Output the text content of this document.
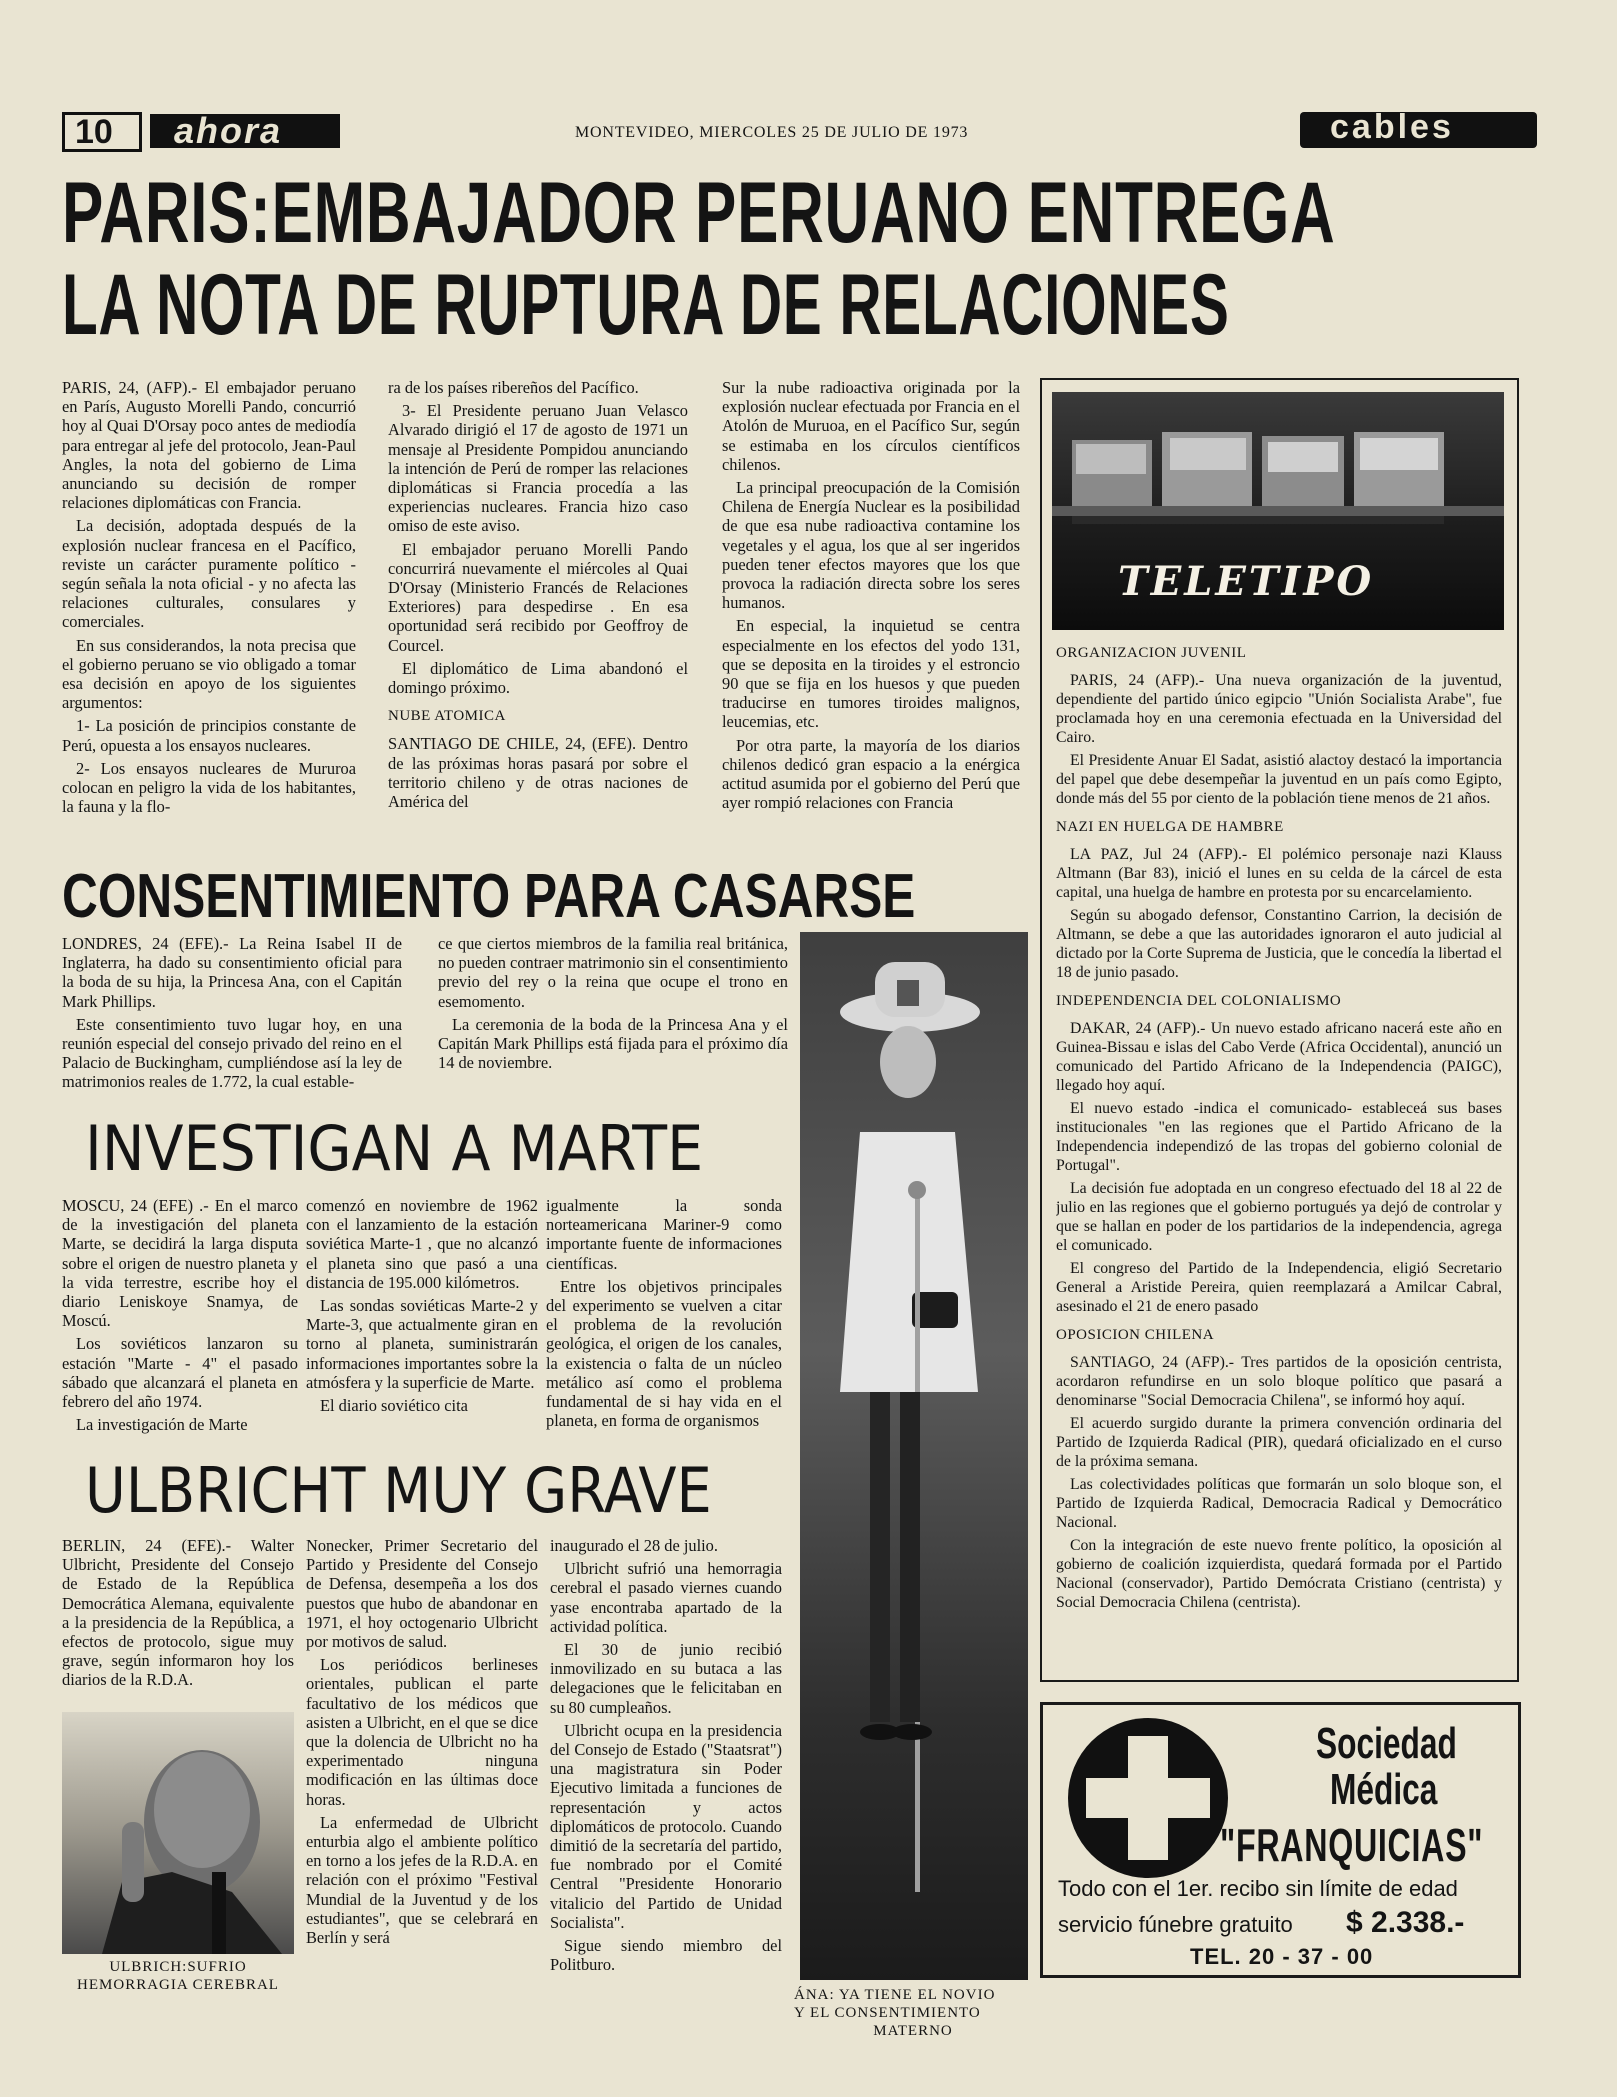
10 ahora	MONTEVIDEO, MIERCOLES 25 DE JULIO DE 1973	cables
PARIS:EMBAJADOR PERUANO ENTREGA
LA NOTA DE RUPTURA DE RELACIONES

PARIS, 24, (AFP).- El embajador peruano en París, Augusto Morelli Pando, concurrió hoy al Quai D'Orsay poco antes de mediodía para entregar al jefe del protocolo, Jean-Paul Angles, la nota del gobierno de Lima anunciando su decisión de romper relaciones diplomáticas con Francia.

La decisión, adoptada después de la explosión nuclear francesa en el Pacífico, reviste un carácter puramente político -según señala la nota oficial - y no afecta las relaciones culturales, consulares y comerciales.

En sus considerandos, la nota precisa que el gobierno peruano se vio obligado a tomar esa decisión en apoyo de los siguientes argumentos:

1- La posición de principios constante de Perú, opuesta a los ensayos nucleares.

2- Los ensayos nucleares de Mururoa colocan en peligro la vida de los habitantes, la fauna y la flo-

ra de los países ribereños del Pacífico.

3- El Presidente peruano Juan Velasco Alvarado dirigió el 17 de agosto de 1971 un mensaje al Presidente Pompidou anunciando la intención de Perú de romper las relaciones diplomáticas si Francia procedía a las experiencias nucleares. Francia hizo caso omiso de este aviso.

El embajador peruano Morelli Pando concurrirá nuevamente el miércoles al Quai D'Orsay (Ministerio Francés de Relaciones Exteriores) para despedirse . En esa oportunidad será recibido por Geoffroy de Courcel.

El diplomático de Lima abandonó el domingo próximo.

NUBE ATOMICA

SANTIAGO DE CHILE, 24, (EFE). Dentro de las próximas horas pasará por sobre el territorio chileno y de otras naciones de América del

Sur la nube radioactiva originada por la explosión nuclear efectuada por Francia en el Atolón de Muruoa, en el Pacífico Sur, según se estimaba en los círculos científicos chilenos.

La principal preocupación de la Comisión Chilena de Energía Nuclear es la posibilidad de que esa nube radioactiva contamine los vegetales y el agua, los que al ser ingeridos pueden tener efectos mayores que los que provoca la radiación directa sobre los seres humanos.

En especial, la inquietud se centra especialmente en los efectos del yodo 131, que se deposita en la tiroides y el estroncio 90 que se fija en los huesos y que pueden traducirse en tumores tiroides malignos, leucemias, etc.

Por otra parte, la mayoría de los diarios chilenos dedicó gran espacio a la enérgica actitud asumida por el gobierno del Perú que ayer rompió relaciones con Francia

TELETIPO

ORGANIZACION JUVENIL

PARIS, 24 (AFP).- Una nueva organización de la juventud, dependiente del partido único egipcio "Unión Socialista Arabe", fue proclamada hoy en una ceremonia efectuada en la Universidad del Cairo.

El Presidente Anuar El Sadat, asistió alactoy destacó la importancia del papel que debe desempeñar la juventud en un país como Egipto, donde más del 55 por ciento de la población tiene menos de 21 años.

NAZI EN HUELGA DE HAMBRE

LA PAZ, Jul 24 (AFP).- El polémico personaje nazi Klauss Altmann (Bar 83), inició el lunes en su celda de la cárcel de esta capital, una huelga de hambre en protesta por su encarcelamiento.

Según su abogado defensor, Constantino Carrion, la decisión de Altmann, se debe a que las autoridades ignoraron el auto judicial al dictado por la Corte Suprema de Justicia, que le concedía la libertad el 18 de junio pasado.

INDEPENDENCIA DEL COLONIALISMO

DAKAR, 24 (AFP).- Un nuevo estado africano nacerá este año en Guinea-Bissau e islas del Cabo Verde (Africa Occidental), anunció un comunicado del Partido Africano de la Independencia (PAIGC), llegado hoy aquí.

El nuevo estado -indica el comunicado- estableceá sus bases institucionales "en las regiones que el Partido Africano de la Independencia independizó de las tropas del gobierno colonial de Portugal".

La decisión fue adoptada en un congreso efectuado del 18 al 22 de julio en las regiones que el gobierno portugués ya dejó de controlar y que se hallan en poder de los partidarios de la independencia, agrega el comunicado.

El congreso del Partido de la Independencia, eligió Secretario General a Aristide Pereira, quien reemplazará a Amilcar Cabral, asesinado el 21 de enero pasado

OPOSICION CHILENA

SANTIAGO, 24 (AFP).- Tres partidos de la oposición centrista, acordaron refundirse en un solo bloque político que pasará a denominarse "Social Democracia Chilena", se informó hoy aquí.

El acuerdo surgido durante la primera convención ordinaria del Partido de Izquierda Radical (PIR), quedará oficializado en el curso de la próxima semana.

Las colectividades políticas que formarán un solo bloque son, el Partido de Izquierda Radical, Democracia Radical y Democrático Nacional.

Con la integración de este nuevo frente político, la oposición al gobierno de coalición izquierdista, quedará formada por el Partido Nacional (conservador), Partido Demócrata Cristiano (centrista) y Social Democracia Chilena (centrista).

CONSENTIMIENTO PARA CASARSE

LONDRES, 24 (EFE).- La Reina Isabel II de Inglaterra, ha dado su consentimiento oficial para la boda de su hija, la Princesa Ana, con el Capitán Mark Phillips.

Este consentimiento tuvo lugar hoy, en una reunión especial del consejo privado del reino en el Palacio de Buckingham, cumpliéndose así la ley de matrimonios reales de 1.772, la cual estable-

ce que ciertos miembros de la familia real británica, no pueden contraer matrimonio sin el consentimiento previo del rey o la reina que ocupe el trono en esemomento.

La ceremonia de la boda de la Princesa Ana y el Capitán Mark Phillips está fijada para el próximo día 14 de noviembre.

ÁNA: YA TIENE EL NOVIO
Y EL CONSENTIMIENTO
MATERNO
INVESTIGAN A MARTE

MOSCU, 24 (EFE) .- En el marco de la investigación del planeta Marte, se decidirá la larga disputa sobre el origen de nuestro planeta y la vida terrestre, escribe hoy el diario Leniskoye Snamya, de Moscú.

Los soviéticos lanzaron su estación "Marte - 4" el pasado sábado que alcanzará el planeta en febrero del año 1974.

La investigación de Marte

comenzó en noviembre de 1962 con el lanzamiento de la estación soviética Marte-1 , que no alcanzó el planeta sino que pasó a una distancia de 195.000 kilómetros.

Las sondas soviéticas Marte-2 y Marte-3, que actualmente giran en torno al planeta, suministrarán informaciones importantes sobre la atmósfera y la superficie de Marte.

El diario soviético cita

igualmente la sonda norteamericana Mariner-9 como importante fuente de informaciones científicas.

Entre los objetivos principales del experimento se vuelven a citar el problema de la revolución geológica, el origen de los canales, la existencia o falta de un núcleo metálico así como el problema fundamental de si hay vida en el planeta, en forma de organismos

ULBRICHT MUY GRAVE

BERLIN, 24 (EFE).- Walter Ulbricht, Presidente del Consejo de Estado de la República Democrática Alemana, equivalente a la presidencia de la República, a efectos de protocolo, sigue muy grave, según informaron hoy los diarios de la R.D.A.

ULBRICH:SUFRIO
HEMORRAGIA CEREBRAL

Nonecker, Primer Secretario del Partido y Presidente del Consejo de Defensa, desempeña a los dos puestos que hubo de abandonar en 1971, el hoy octogenario Ulbricht por motivos de salud.

Los periódicos berlineses orientales, publican el parte facultativo de los médicos que asisten a Ulbricht, en el que se dice que la dolencia de Ulbricht no ha experimentado ninguna modificación en las últimas doce horas.

La enfermedad de Ulbricht enturbia algo el ambiente político en torno a los jefes de la R.D.A. en relación con el próximo "Festival Mundial de la Juventud y de los estudiantes", que se celebrará en Berlín y será

inaugurado el 28 de julio.

Ulbricht sufrió una hemorragia cerebral el pasado viernes cuando yase encontraba apartado de la actividad política.

El 30 de junio recibió inmovilizado en su butaca a las delegaciones que le felicitaban en su 80 cumpleaños.

Ulbricht ocupa en la presidencia del Consejo de Estado ("Staatsrat") una magistratura sin Poder Ejecutivo limitada a funciones de representación y actos diplomáticos de protocolo. Cuando dimitió de la secretaría del partido, fue nombrado por el Comité Central "Presidente Honorario vitalicio del Partido de Unidad Socialista".

Sigue siendo miembro del Politburo.

Sociedad
Médica
"FRANQUICIAS"
Todo con el 1er. recibo sin límite de edad
servicio fúnebre gratuito $ 2.338.-
TEL. 20 - 37 - 00
